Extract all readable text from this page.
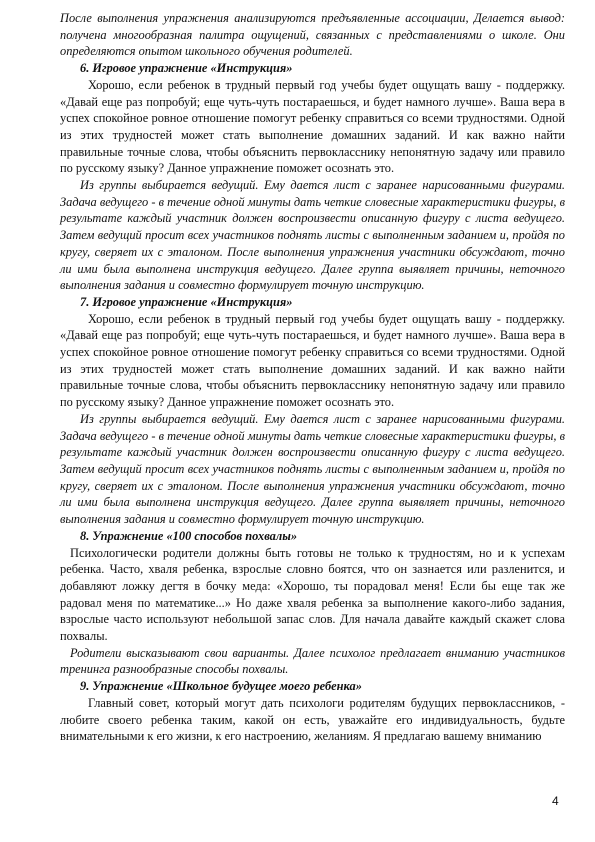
После выполнения упражнения анализируются предъявленные ассоциации, Делается вывод: получена многообразная палитра ощущений, связанных с представлениями о школе. Они определяются опытом школьного обучения родителей.

6. Игровое упражнение «Инструкция»

Хорошо, если ребенок в трудный первый год учебы будет ощущать вашу - поддержку. «Давай еще раз попробуй; еще чуть-чуть постараешься, и будет намного лучше». Ваша вера в успех спокойное ровное отношение помогут ребенку справиться со всеми трудностями. Одной из этих трудностей может стать выполнение домашних заданий. И как важно найти правильные точные слова, чтобы объяснить первокласснику непонятную задачу или правило по русскому языку? Данное упражнение поможет осознать это.

Из группы выбирается ведущий. Ему дается лист с заранее нарисованными фигурами. Задача ведущего - в течение одной минуты дать четкие словесные характеристики фигуры, в результате каждый участник должен воспроизвести описанную фигуру с листа ведущего. Затем ведущий просит всех участников поднять листы с выполненным заданием и, пройдя по кругу, сверяет их с эталоном. После выполнения упражнения участники обсуждают, точно ли ими была выполнена инструкция ведущего. Далее группа выявляет причины, неточного выполнения задания и совместно формулирует точную инструкцию.

7. Игровое упражнение «Инструкция»

Хорошо, если ребенок в трудный первый год учебы будет ощущать вашу - поддержку. «Давай еще раз попробуй; еще чуть-чуть постараешься, и будет намного лучше». Ваша вера в успех спокойное ровное отношение помогут ребенку справиться со всеми трудностями. Одной из этих трудностей может стать выполнение домашних заданий. И как важно найти правильные точные слова, чтобы объяснить первокласснику непонятную задачу или правило по русскому языку? Данное упражнение поможет осознать это.

Из группы выбирается ведущий. Ему дается лист с заранее нарисованными фигурами. Задача ведущего - в течение одной минуты дать четкие словесные характеристики фигуры, в результате каждый участник должен воспроизвести описанную фигуру с листа ведущего. Затем ведущий просит всех участников поднять листы с выполненным заданием и, пройдя по кругу, сверяет их с эталоном. После выполнения упражнения участники обсуждают, точно ли ими была выполнена инструкция ведущего. Далее группа выявляет причины, неточного выполнения задания и совместно формулирует точную инструкцию.

8. Упражнение «100 способов похвалы»

Психологически родители должны быть готовы не только к трудностям, но и к успехам ребенка. Часто, хваля ребенка, взрослые словно боятся, что он зазнается или разленится, и добавляют ложку дегтя в бочку меда: «Хорошо, ты порадовал меня! Если бы еще так же радовал меня по математике...» Но даже хваля ребенка за выполнение какого-либо задания, взрослые часто используют небольшой запас слов. Для начала давайте каждый скажет слова похвалы.

Родители высказывают свои варианты. Далее психолог предлагает вниманию участников тренинга разнообразные способы похвалы.

9. Упражнение «Школьное будущее моего ребенка»

Главный совет, который могут дать психологи родителям будущих первоклассников, - любите своего ребенка таким, какой он есть, уважайте его индивидуальность, будьте внимательными к его жизни, к его настроению, желаниям. Я предлагаю вашему вниманию

4
